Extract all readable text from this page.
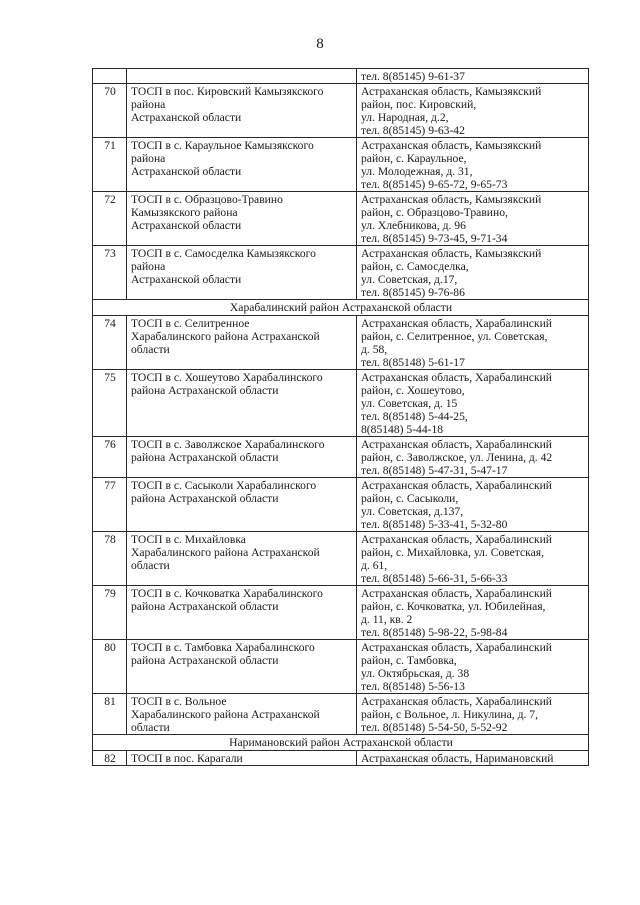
8

		тел. 8(85145) 9-61-37

70	ТОСП в пос. Кировский Камызякского
района
Астраханской области	Астраханская область, Камызякский
район, пос. Кировский,
ул. Народная, д.2,
тел. 8(85145) 9-63-42

71	ТОСП в с. Караульное Камызякского
района
Астраханской области	Астраханская область, Камызякский
район, с. Караульное,
ул. Молодежная, д. 31,
тел. 8(85145) 9-65-72, 9-65-73

72	ТОСП в с. Образцово-Травино
Камызякского района
Астраханской области	Астраханская область, Камызякский
район, с. Образцово-Травино,
ул. Хлебникова, д. 96
тел. 8(85145) 9-73-45, 9-71-34

73	ТОСП в с. Самосделка Камызякского
района
Астраханской области	Астраханская область, Камызякский
район, с. Самосделка,
ул. Советская, д.17,
тел. 8(85145) 9-76-86

Харабалинский район Астраханской области		
74	ТОСП в с. Селитренное
Харабалинского района Астраханской
области	Астраханская область, Харабалинский
район, с. Селитренное, ул. Советская,
д. 58,
тел. 8(85148) 5-61-17

75	ТОСП в с. Хошеутово Харабалинского
района Астраханской области	Астраханская область, Харабалинский
район, с. Хошеутово,
ул. Советская, д. 15
тел. 8(85148) 5-44-25,
8(85148) 5-44-18

76	ТОСП в с. Заволжское Харабалинского
района Астраханской области	Астраханская область, Харабалинский
район, с. Заволжское, ул. Ленина, д. 42
тел. 8(85148) 5-47-31, 5-47-17

77	ТОСП в с. Сасыколи Харабалинского
района Астраханской области	Астраханская область, Харабалинский
район, с. Сасыколи,
ул. Советская, д.137,
тел. 8(85148) 5-33-41, 5-32-80

78	ТОСП в с. Михайловка
Харабалинского района Астраханской
области	Астраханская область, Харабалинский
район, с. Михайловка, ул. Советская,
д. 61,
тел. 8(85148) 5-66-31, 5-66-33

79	ТОСП в с. Кочковатка Харабалинского
района Астраханской области	Астраханская область, Харабалинский
район, с. Кочковатка, ул. Юбилейная,
д. 11, кв. 2
тел. 8(85148) 5-98-22, 5-98-84

80	ТОСП в с. Тамбовка Харабалинского
района Астраханской области	Астраханская область, Харабалинский
район, с. Тамбовка,
ул. Октябрьская, д. 38
тел. 8(85148) 5-56-13

81	ТОСП в с. Вольное
Харабалинского района Астраханской
области	Астраханская область, Харабалинский
район, с Вольное, л. Никулина, д. 7,
тел. 8(85148) 5-54-50, 5-52-92

Наримановский район Астраханской области		
82	ТОСП в пос. Карагали	Астраханская область, Наримановский
